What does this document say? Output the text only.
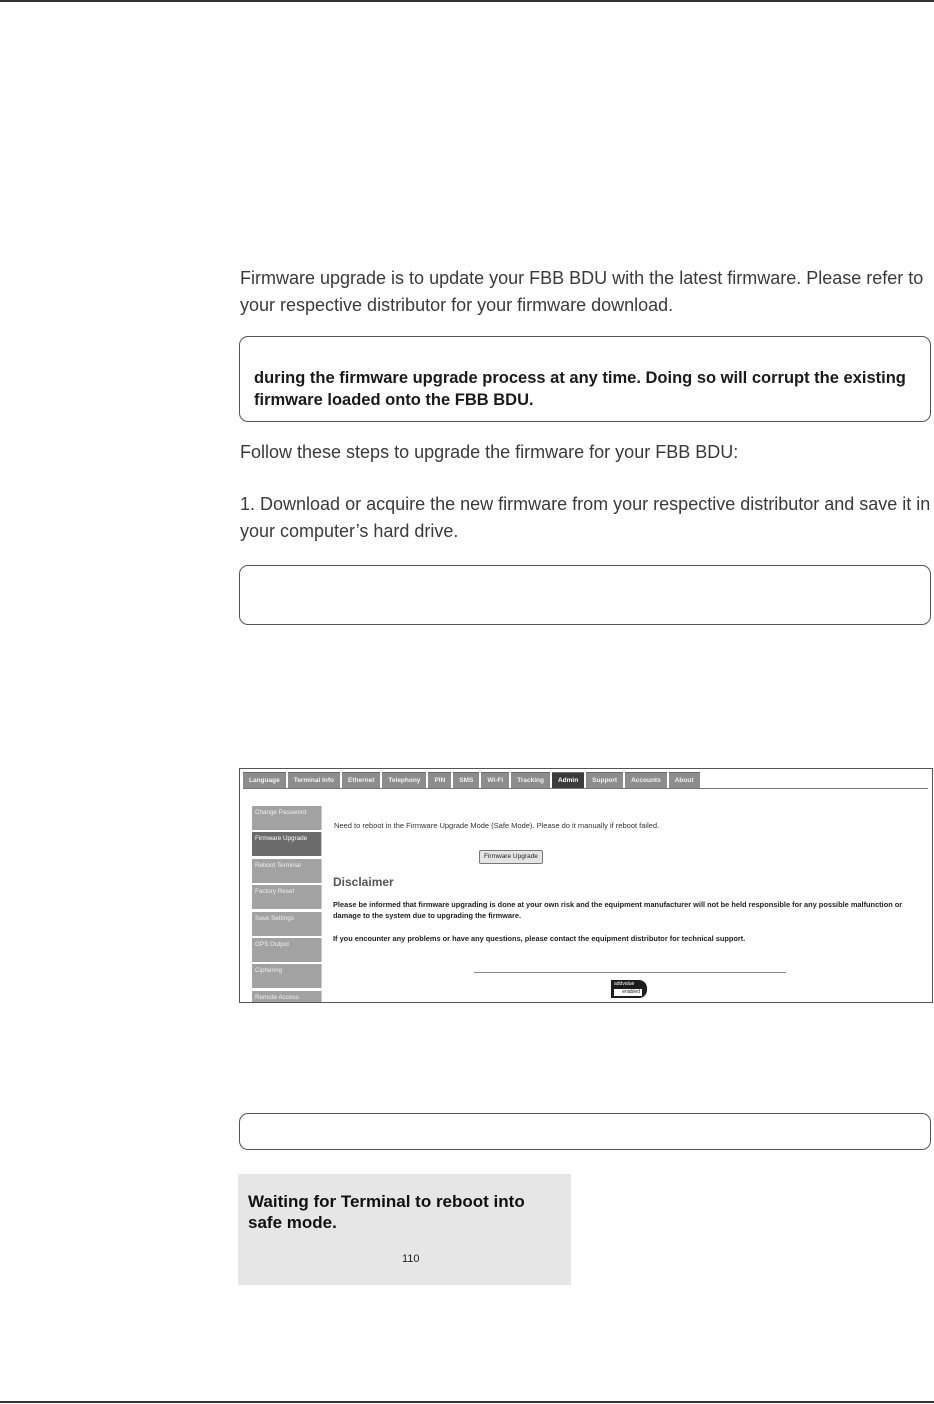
Firmware upgrade is to update your FBB BDU with the latest firmware. Please refer to your respective distributor for your firmware download.

during the firmware upgrade process at any time. Doing so will corrupt the existing firmware loaded onto the FBB BDU.

Follow these steps to upgrade the firmware for your FBB BDU:

1. Download or acquire the new firmware from your respective distributor and save it in your computer’s hard drive.

Language	Terminal Info	Ethernet	Telephony	PIN	SMS	Wi-Fi	Tracking	Admin	Support	Accounts	About
Change Password
Firmware Upgrade
Reboot Terminal
Factory Reset
Save Settings
GPS Output
Ciphering
Remote Access
Need to reboot in the Firmware Upgrade Mode (Safe Mode). Please do it manually if reboot failed.
Firmware Upgrade
Disclaimer

Please be informed that firmware upgrading is done at your own risk and the equipment manufacturer will not be held responsible for any possible malfunction or damage to the system due to upgrading the firmware.

If you encounter any problems or have any questions, please contact the equipment distributor for technical support.

addvalue
enabled

Waiting for Terminal to reboot into safe mode.

110
